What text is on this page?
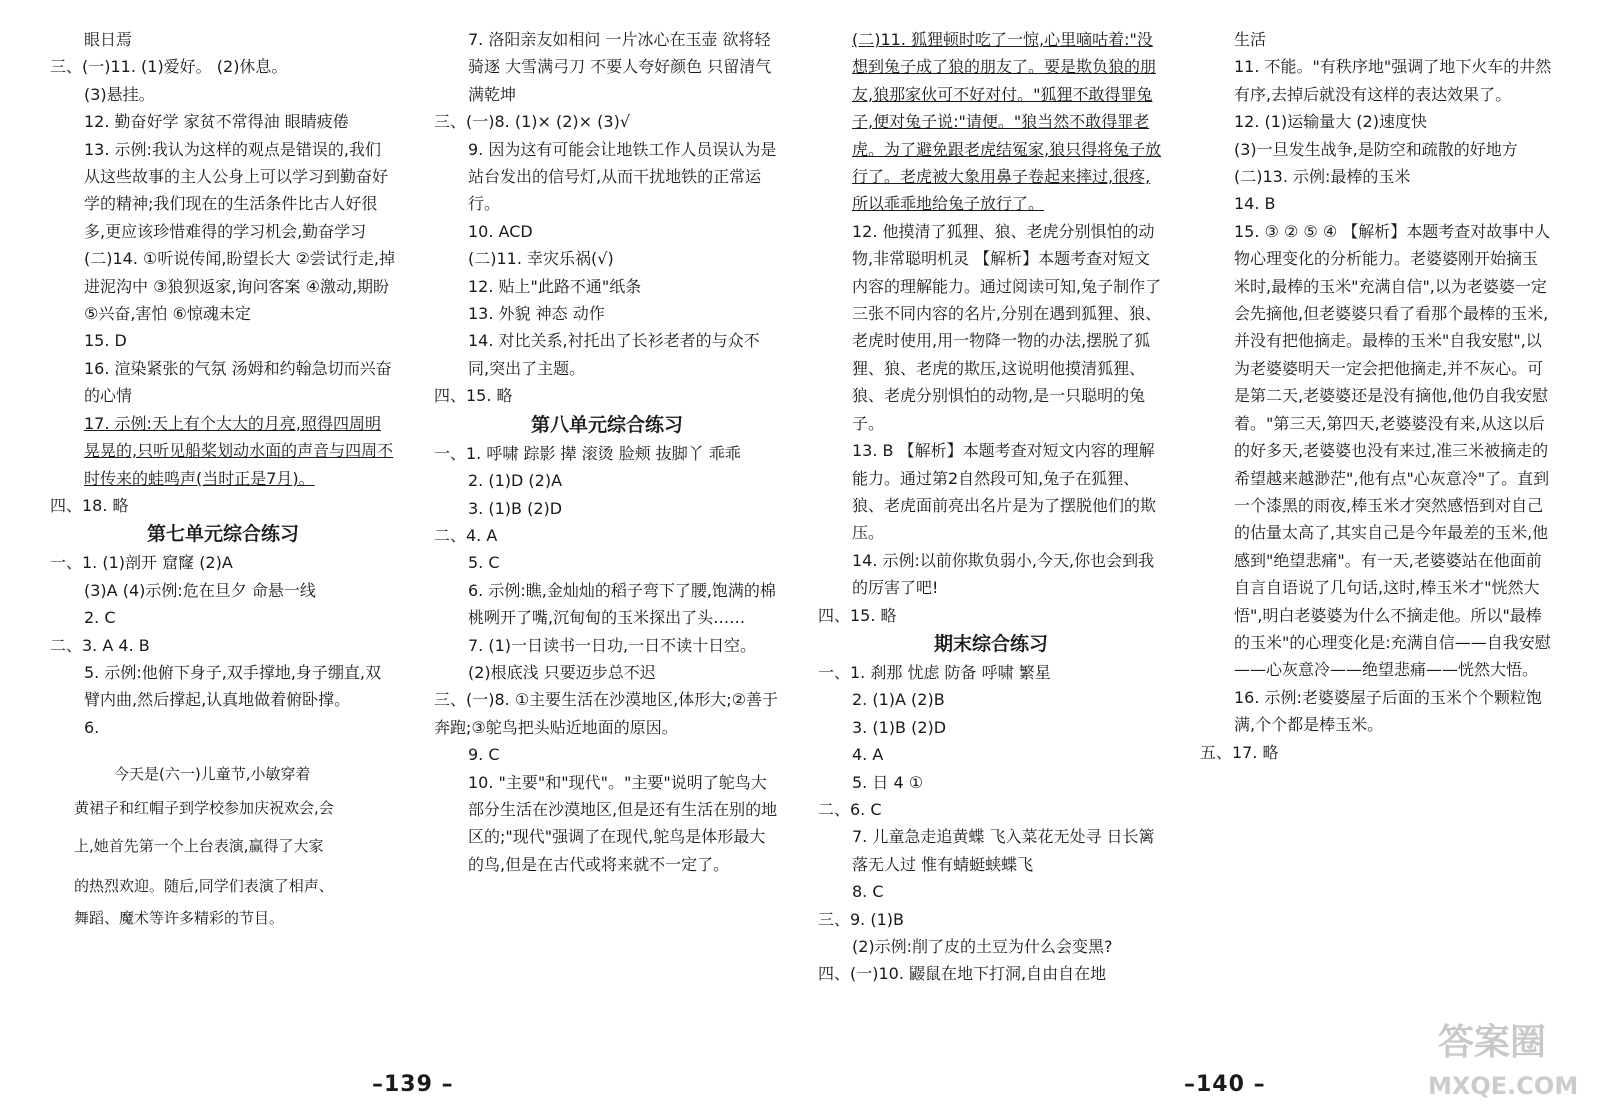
眼日焉

三、(一)11. (1)爱好。 (2)休息。

(3)悬挂。

12. 勤奋好学 家贫不常得油 眼睛疲倦

13. 示例:我认为这样的观点是错误的,我们从这些故事的主人公身上可以学习到勤奋好学的精神;我们现在的生活条件比古人好很多,更应该珍惜难得的学习机会,勤奋学习

(二)14. ①听说传闻,盼望长大 ②尝试行走,掉进泥沟中 ③狼狈返家,询问客案 ④激动,期盼 ⑤兴奋,害怕 ⑥惊魂未定

15. D

16. 渲染紧张的气氛 汤姆和约翰急切而兴奋的心情

17. 示例:天上有个大大的月亮,照得四周明晃晃的,只听见船桨划动水面的声音与四周不时传来的蛙鸣声(当时正是7月)。

四、18. 略

第七单元综合练习

一、1. (1)剖开 窟窿 (2)A

(3)A (4)示例:危在旦夕 命悬一线

2. C

二、3. A 4. B

5. 示例:他俯下身子,双手撑地,身子绷直,双臂内曲,然后撑起,认真地做着俯卧撑。

6.

今天是(六一)儿童节,小敏穿着
黄裙子和红帽子到学校参加庆祝欢会,会
上,她首先第一个上台表演,赢得了大家
的热烈欢迎。随后,同学们表演了相声、
舞蹈、魔术等许多精彩的节目。

7. 洛阳亲友如相问 一片冰心在玉壶 欲将轻骑逐 大雪满弓刀 不要人夸好颜色 只留清气满乾坤

三、(一)8. (1)× (2)× (3)√

9. 因为这有可能会让地铁工作人员误认为是站台发出的信号灯,从而干扰地铁的正常运行。

10. ACD

(二)11. 幸灾乐祸(√)

12. 贴上"此路不通"纸条

13. 外貌 神态 动作

14. 对比关系,衬托出了长衫老者的与众不同,突出了主题。

四、15. 略

第八单元综合练习

一、1. 呼啸 踪影 撵 滚烫 脸颊 抜脚丫 乖乖

2. (1)D (2)A

3. (1)B (2)D

二、4. A

5. C

6. 示例:瞧,金灿灿的稻子弯下了腰,饱满的棉桃咧开了嘴,沉甸甸的玉米探出了头……

7. (1)一日读书一日功,一日不读十日空。

(2)根底浅 只要迈步总不迟

三、(一)8. ①主要生活在沙漠地区,体形大;②善于奔跑;③鸵鸟把头贴近地面的原因。

9. C

10. "主要"和"现代"。"主要"说明了鸵鸟大部分生活在沙漠地区,但是还有生活在别的地区的;"现代"强调了在现代,鸵鸟是体形最大的鸟,但是在古代或将来就不一定了。

(二)11. 狐狸顿时吃了一惊,心里嘀咕着:"没想到兔子成了狼的朋友了。要是欺负狼的朋友,狼那家伙可不好对付。"狐狸不敢得罪兔子,便对兔子说:"请便。"狼当然不敢得罪老虎。为了避免跟老虎结冤家,狼只得将兔子放行了。老虎被大象用鼻子卷起来摔过,很疼,所以乖乖地给兔子放行了。

12. 他摸清了狐狸、狼、老虎分别惧怕的动物,非常聪明机灵 【解析】本题考查对短文内容的理解能力。通过阅读可知,兔子制作了三张不同内容的名片,分别在遇到狐狸、狼、老虎时使用,用一物降一物的办法,摆脱了狐狸、狼、老虎的欺压,这说明他摸清狐狸、狼、老虎分别惧怕的动物,是一只聪明的兔子。

13. B 【解析】本题考查对短文内容的理解能力。通过第2自然段可知,兔子在狐狸、狼、老虎面前亮出名片是为了摆脱他们的欺压。

14. 示例:以前你欺负弱小,今天,你也会到我的厉害了吧!

四、15. 略

期末综合练习

一、1. 刹那 忧虑 防备 呼啸 繁星

2. (1)A (2)B

3. (1)B (2)D

4. A

5. 日 4 ①

二、6. C

7. 儿童急走追黄蝶 飞入菜花无处寻 日长篱落无人过 惟有蜻蜓蛱蝶飞

8. C

三、9. (1)B

(2)示例:削了皮的土豆为什么会变黑?

四、(一)10. 鼹鼠在地下打洞,自由自在地

生活

11. 不能。"有秩序地"强调了地下火车的井然有序,去掉后就没有这样的表达效果了。

12. (1)运输量大 (2)速度快

(3)一旦发生战争,是防空和疏散的好地方

(二)13. 示例:最棒的玉米

14. B

15. ③ ② ⑤ ④ 【解析】本题考查对故事中人物心理变化的分析能力。老婆婆刚开始摘玉米时,最棒的玉米"充满自信",以为老婆婆一定会先摘他,但老婆婆只看了看那个最棒的玉米,并没有把他摘走。最棒的玉米"自我安慰",以为老婆婆明天一定会把他摘走,并不灰心。可是第二天,老婆婆还是没有摘他,他仍自我安慰着。"第三天,第四天,老婆婆没有来,从这以后的好多天,老婆婆也没有来过,准三米被摘走的希望越来越渺茫",他有点"心灰意冷"了。直到一个漆黑的雨夜,棒玉米才突然感悟到对自己的估量太高了,其实自己是今年最差的玉米,他感到"绝望悲痛"。有一天,老婆婆站在他面前自言自语说了几句话,这时,棒玉米才"恍然大悟",明白老婆婆为什么不摘走他。所以"最棒的玉米"的心理变化是:充满自信——自我安慰——心灰意冷——绝望悲痛——恍然大悟。

16. 示例:老婆婆屋子后面的玉米个个颗粒饱满,个个都是棒玉米。

五、17. 略

–139 –	–140 –
答案圈
MXQE.COM
